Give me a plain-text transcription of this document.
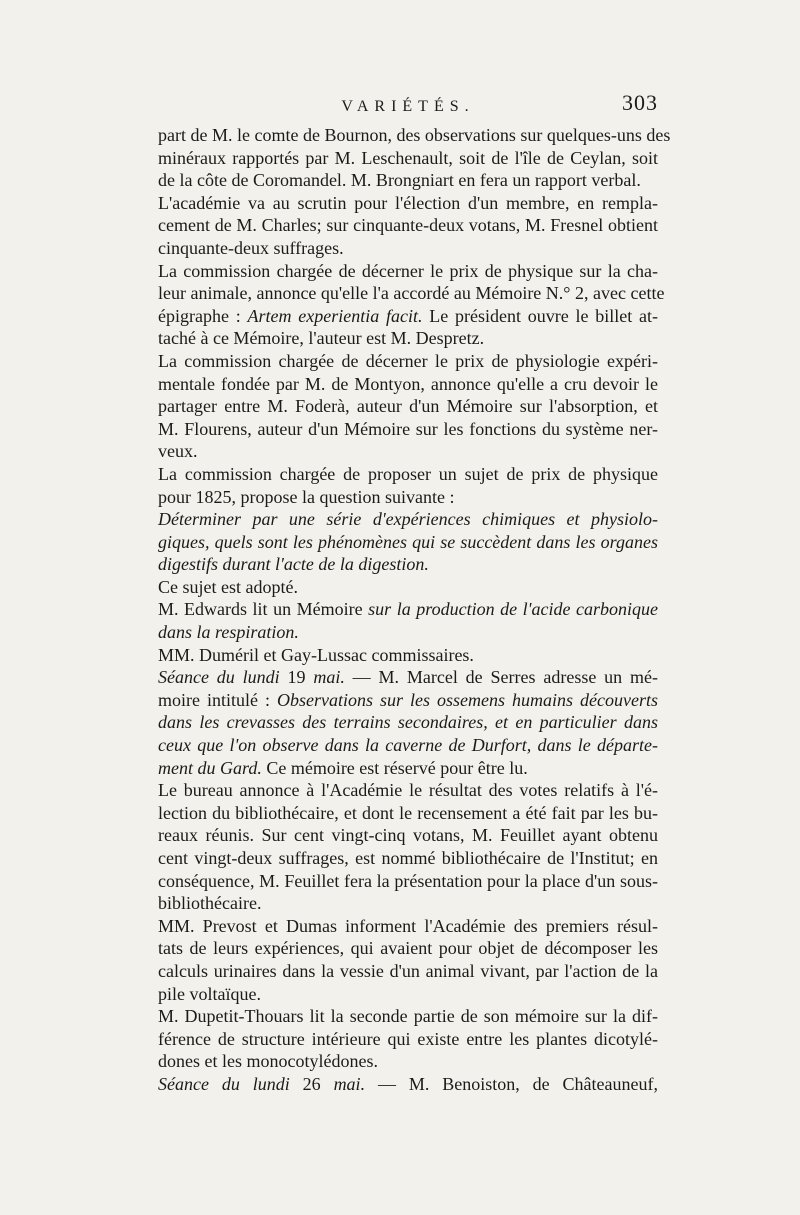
VARIÉTÉS.	303
part de M. le comte de Bournon, des observations sur quelques-uns des
minéraux rapportés par M. Leschenault, soit de l'île de Ceylan, soit
de la côte de Coromandel. M. Brongniart en fera un rapport verbal.
L'académie va au scrutin pour l'élection d'un membre, en rempla-
cement de M. Charles; sur cinquante-deux votans, M. Fresnel obtient
cinquante-deux suffrages.
La commission chargée de décerner le prix de physique sur la cha-
leur animale, annonce qu'elle l'a accordé au Mémoire N.° 2, avec cette
épigraphe : Artem experientia facit. Le président ouvre le billet at-
taché à ce Mémoire, l'auteur est M. Despretz.
La commission chargée de décerner le prix de physiologie expéri-
mentale fondée par M. de Montyon, annonce qu'elle a cru devoir le
partager entre M. Foderà, auteur d'un Mémoire sur l'absorption, et
M. Flourens, auteur d'un Mémoire sur les fonctions du système ner-
veux.
La commission chargée de proposer un sujet de prix de physique
pour 1825, propose la question suivante :
Déterminer par une série d'expériences chimiques et physiolo-
giques, quels sont les phénomènes qui se succèdent dans les organes
digestifs durant l'acte de la digestion.
Ce sujet est adopté.
M. Edwards lit un Mémoire sur la production de l'acide carbonique
dans la respiration.
MM. Duméril et Gay-Lussac commissaires.
Séance du lundi 19 mai. — M. Marcel de Serres adresse un mé-
moire intitulé : Observations sur les ossemens humains découverts
dans les crevasses des terrains secondaires, et en particulier dans
ceux que l'on observe dans la caverne de Durfort, dans le départe-
ment du Gard. Ce mémoire est réservé pour être lu.
Le bureau annonce à l'Académie le résultat des votes relatifs à l'é-
lection du bibliothécaire, et dont le recensement a été fait par les bu-
reaux réunis. Sur cent vingt-cinq votans, M. Feuillet ayant obtenu
cent vingt-deux suffrages, est nommé bibliothécaire de l'Institut; en
conséquence, M. Feuillet fera la présentation pour la place d'un sous-
bibliothécaire.
MM. Prevost et Dumas informent l'Académie des premiers résul-
tats de leurs expériences, qui avaient pour objet de décomposer les
calculs urinaires dans la vessie d'un animal vivant, par l'action de la
pile voltaïque.
M. Dupetit-Thouars lit la seconde partie de son mémoire sur la dif-
férence de structure intérieure qui existe entre les plantes dicotylé-
dones et les monocotylédones.
Séance du lundi 26 mai. — M. Benoiston, de Châteauneuf,
